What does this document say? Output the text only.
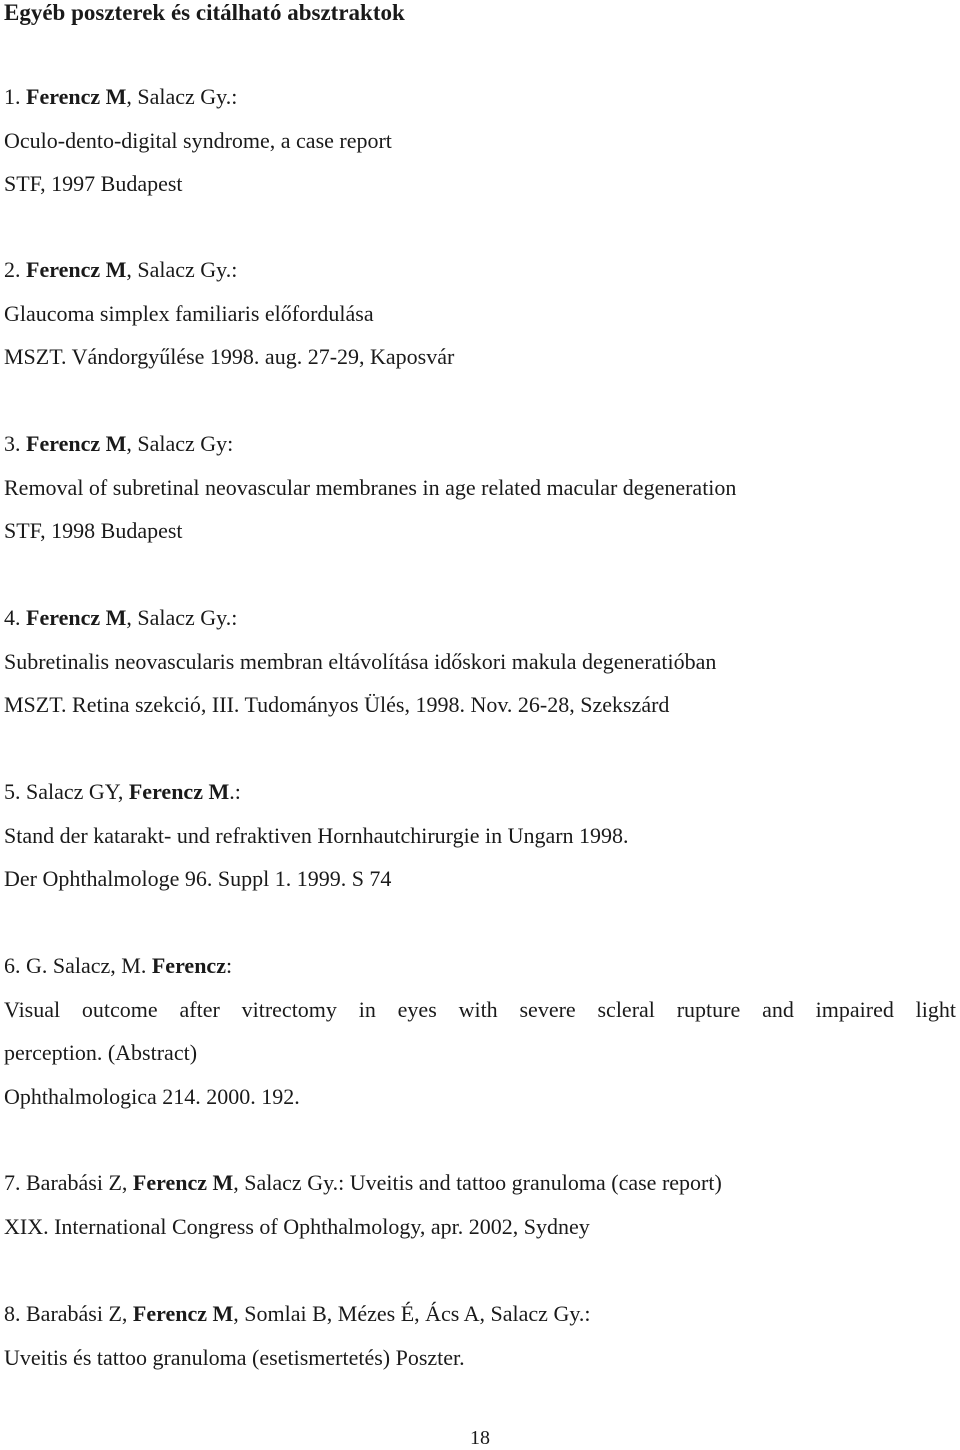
Egyéb poszterek és citálható absztraktok
1. Ferencz M, Salacz Gy.:
Oculo-dento-digital syndrome, a case report
STF, 1997 Budapest
2. Ferencz M, Salacz Gy.:
Glaucoma simplex familiaris előfordulása
MSZT. Vándorgyűlése 1998. aug. 27-29, Kaposvár
3. Ferencz M, Salacz Gy:
Removal of subretinal neovascular membranes in age related macular degeneration
STF, 1998 Budapest
4. Ferencz M, Salacz Gy.:
Subretinalis neovascularis membran eltávolítása időskori makula degeneratióban
MSZT. Retina szekció, III. Tudományos Ülés, 1998. Nov. 26-28, Szekszárd
5. Salacz GY, Ferencz M.:
Stand der katarakt- und refraktiven Hornhautchirurgie in Ungarn 1998.
Der Ophthalmologe 96. Suppl 1. 1999. S 74
6. G. Salacz, M. Ferencz:
Visual outcome after vitrectomy in eyes with severe scleral rupture and impaired light
perception. (Abstract)
Ophthalmologica 214. 2000. 192.
7. Barabási Z, Ferencz M, Salacz Gy.: Uveitis and tattoo granuloma (case report)
XIX. International Congress of Ophthalmology, apr. 2002, Sydney
8. Barabási Z, Ferencz M, Somlai B, Mézes É, Ács A, Salacz Gy.:
Uveitis és tattoo granuloma (esetismertetés) Poszter.
18
